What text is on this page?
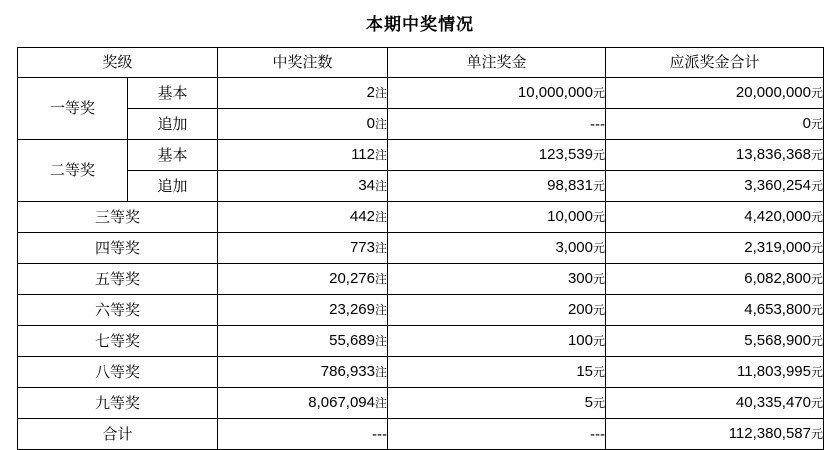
本期中奖情况
奖级		中奖注数	单注奖金	应派奖金合计
一等奖	基本	2注	10,000,000元	20,000,000元
	追加	0注	---	0元
二等奖	基本	112注	123,539元	13,836,368元
	追加	34注	98,831元	3,360,254元
三等奖		442注	10,000元	4,420,000元
四等奖		773注	3,000元	2,319,000元
五等奖		20,276注	300元	6,082,800元
六等奖		23,269注	200元	4,653,800元
七等奖		55,689注	100元	5,568,900元
八等奖		786,933注	15元	11,803,995元
九等奖		8,067,094注	5元	40,335,470元
合计		---	---	112,380,587元
